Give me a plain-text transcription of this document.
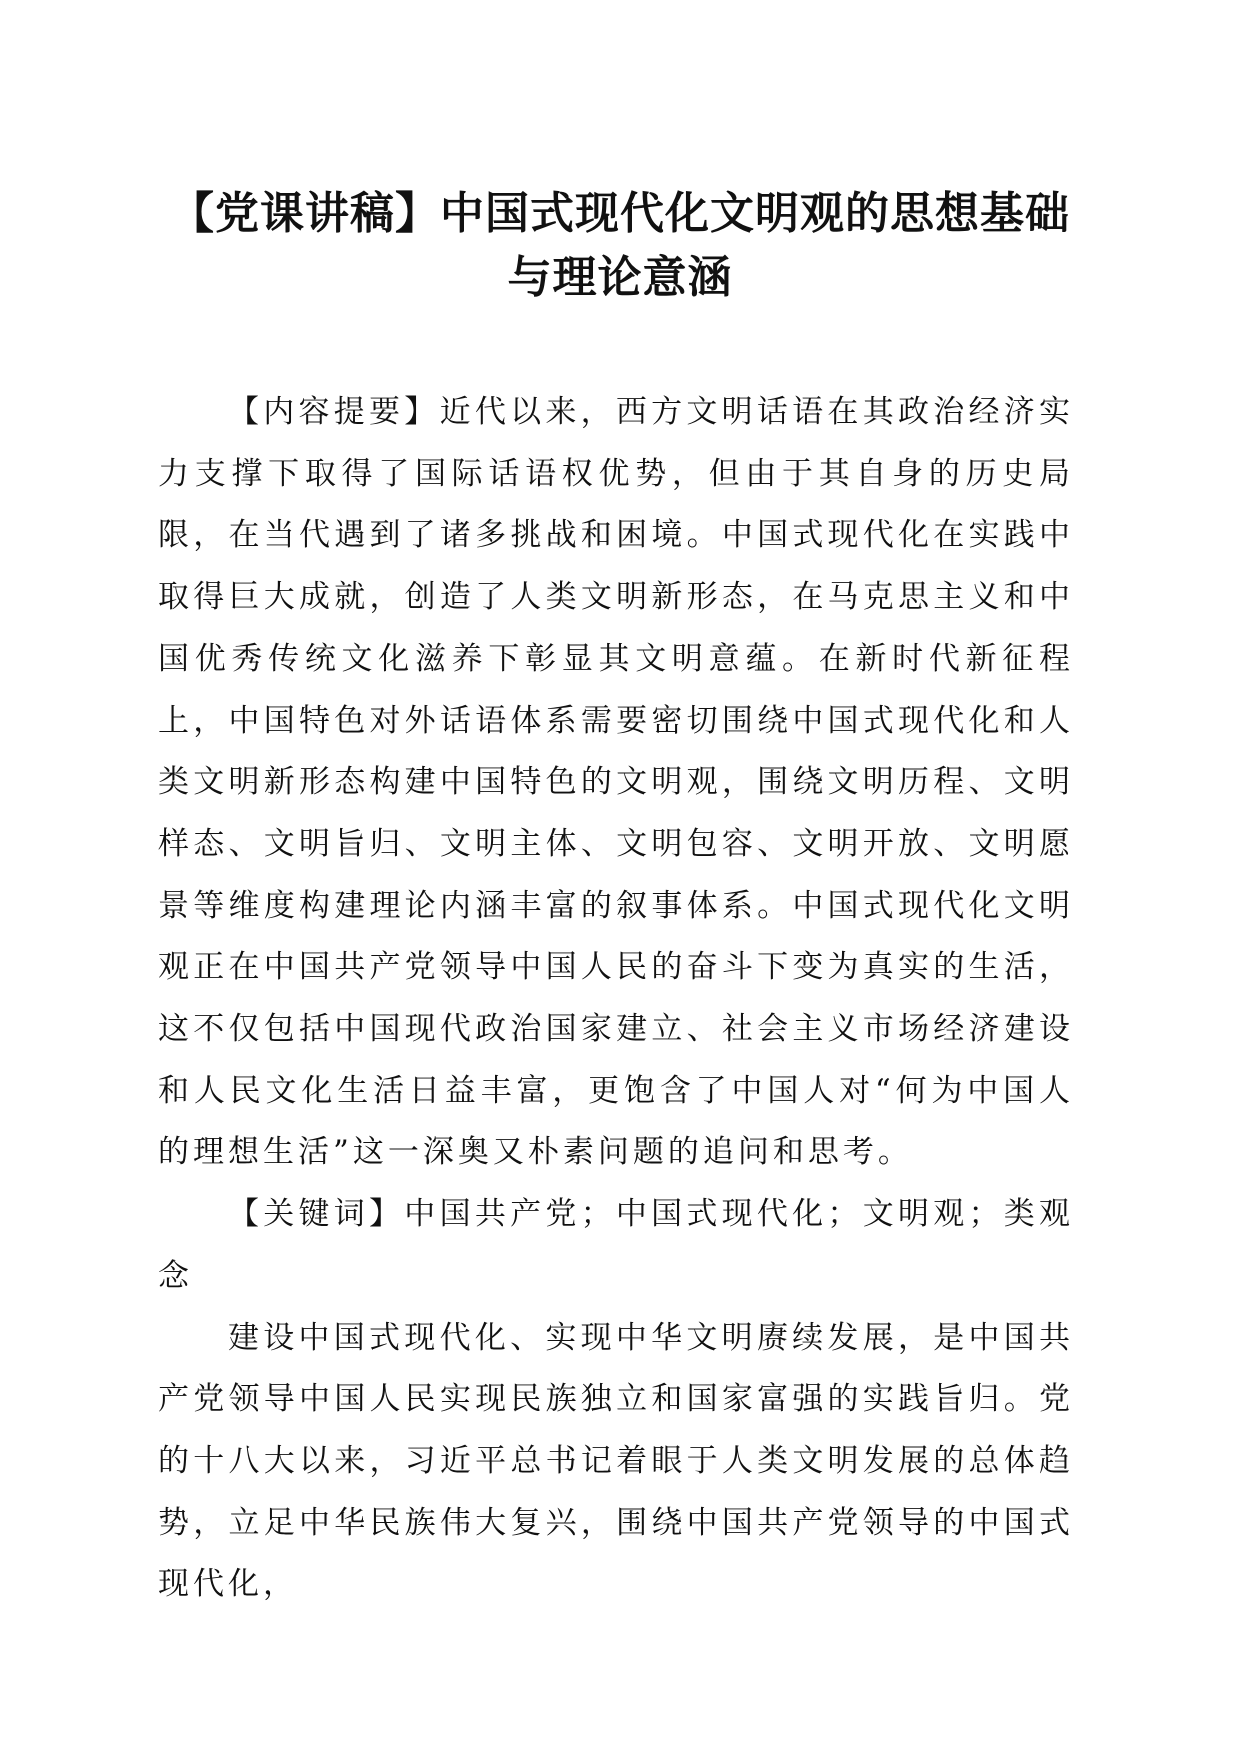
【党课讲稿】中国式现代化文明观的思想基础与理论意涵

【内容提要】近代以来，西方文明话语在其政治经济实力支撑下取得了国际话语权优势，但由于其自身的历史局限，在当代遇到了诸多挑战和困境。中国式现代化在实践中取得巨大成就，创造了人类文明新形态，在马克思主义和中国优秀传统文化滋养下彰显其文明意蕴。在新时代新征程上，中国特色对外话语体系需要密切围绕中国式现代化和人类文明新形态构建中国特色的文明观，围绕文明历程、文明样态、文明旨归、文明主体、文明包容、文明开放、文明愿景等维度构建理论内涵丰富的叙事体系。中国式现代化文明观正在中国共产党领导中国人民的奋斗下变为真实的生活，这不仅包括中国现代政治国家建立、社会主义市场经济建设和人民文化生活日益丰富，更饱含了中国人对“何为中国人的理想生活”这一深奥又朴素问题的追问和思考。

【关键词】中国共产党；中国式现代化；文明观；类观念

建设中国式现代化、实现中华文明赓续发展，是中国共产党领导中国人民实现民族独立和国家富强的实践旨归。党的十八大以来，习近平总书记着眼于人类文明发展的总体趋势，立足中华民族伟大复兴，围绕中国共产党领导的中国式现代化，
